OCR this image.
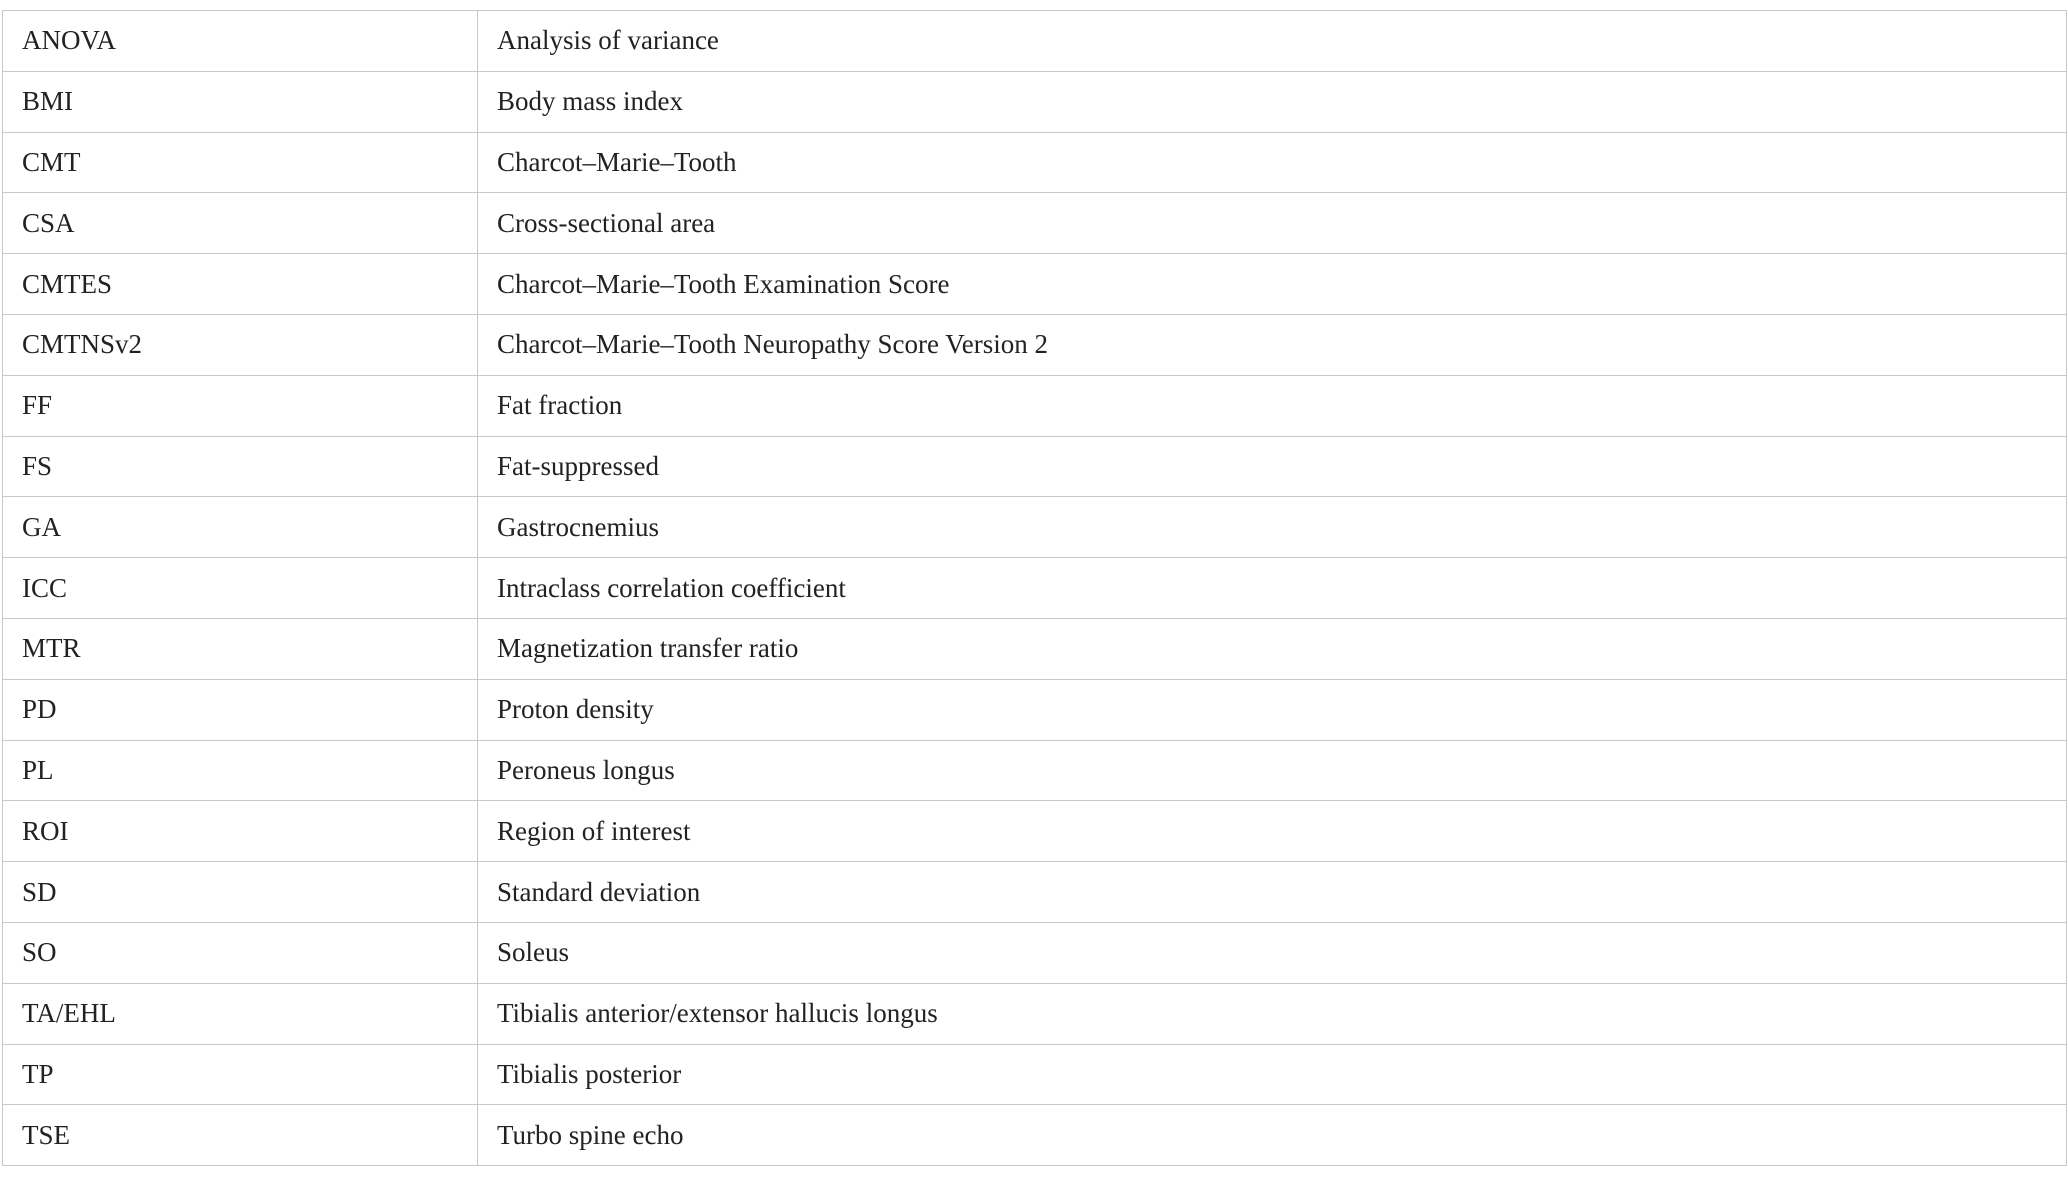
ANOVA	Analysis of variance
BMI	Body mass index
CMT	Charcot–Marie–Tooth
CSA	Cross-sectional area
CMTES	Charcot–Marie–Tooth Examination Score
CMTNSv2	Charcot–Marie–Tooth Neuropathy Score Version 2
FF	Fat fraction
FS	Fat-suppressed
GA	Gastrocnemius
ICC	Intraclass correlation coefficient
MTR	Magnetization transfer ratio
PD	Proton density
PL	Peroneus longus
ROI	Region of interest
SD	Standard deviation
SO	Soleus
TA/EHL	Tibialis anterior/extensor hallucis longus
TP	Tibialis posterior
TSE	Turbo spine echo
